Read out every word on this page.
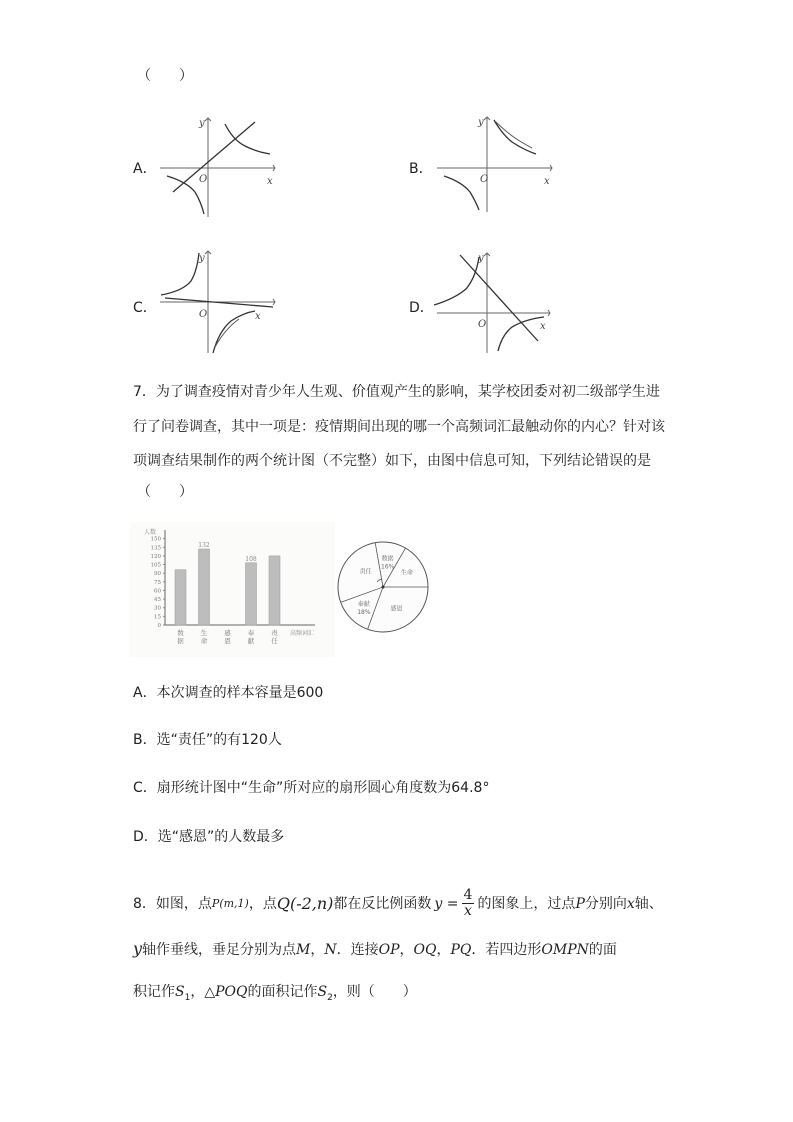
（　　）
A．
y
x
O
B．
y
x
O
C．
y
x
O	D．
y
x
O
7．为了调查疫情对青少年人生观、价值观产生的影响，某学校团委对初二级部学生进
行了问卷调查，其中一项是：疫情期间出现的哪一个高频词汇最触动你的内心？针对该
项调查结果制作的两个统计图（不完整）如下，由图中信息可知，下列结论错误的是
（　　）
人数
高频词汇
0
15
30
45
60
75
90
105
120
135
150
132
108
数
据
生
命
感
恩
奉
献
责
任
责任
数据
16%
生命
感恩
奉献
18%
A．本次调查的样本容量是600
B．选“责任”的有120人
C．扇形统计图中“生命”所对应的扇形圆心角度数为64.8°
D．选“感恩”的人数最多
8．如图，点 P(m,1) ，点 Q(-2,n) 都在反比例函数 $y = \frac{4}{x}$ 的图象上，过点 P 分别向 x 轴、
y轴作垂线，垂足分别为点M，N．连接OP，OQ，PQ．若四边形OMPN的面
积记作$S_1$，△POQ的面积记作$S_2$，则（　　）
